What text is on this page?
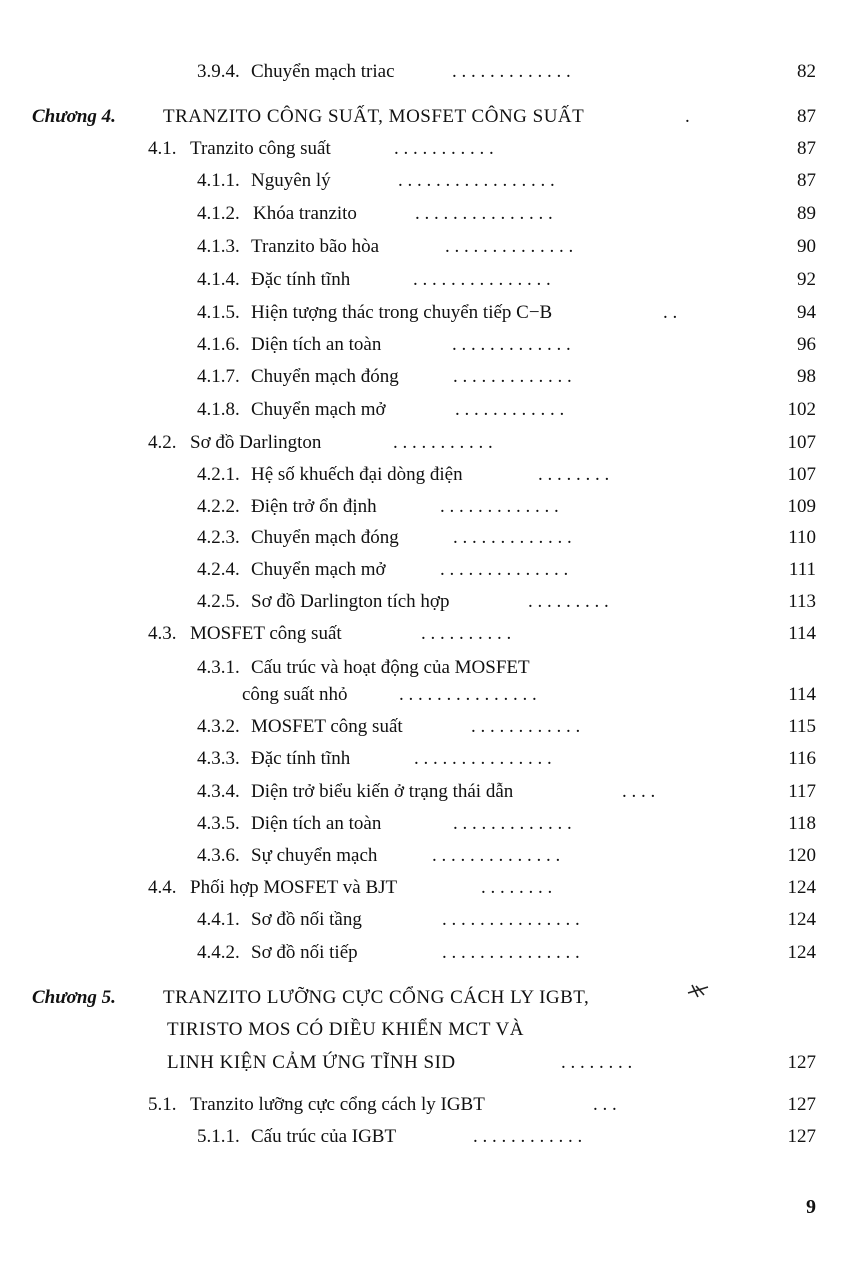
3.9.4. Chuyển mạch triac	. . . . . . . . . . . . .	82
Chương 4. TRANZITO CÔNG SUẤT, MOSFET CÔNG SUẤT	.	87
4.1. Tranzito công suất	. . . . . . . . . . .	87
4.1.1. Nguyên lý	. . . . . . . . . . . . . . . . .	87
4.1.2. Khóa tranzito	. . . . . . . . . . . . . . .	89
4.1.3. Tranzito bão hòa	. . . . . . . . . . . . . .	90
4.1.4. Đặc tính tĩnh	. . . . . . . . . . . . . . .	92
4.1.5. Hiện tượng thác trong chuyển tiếp C−B	. .	94
4.1.6. Diện tích an toàn	. . . . . . . . . . . . .	96
4.1.7. Chuyển mạch đóng	. . . . . . . . . . . . .	98
4.1.8. Chuyển mạch mở	. . . . . . . . . . . .	102
4.2. Sơ đồ Darlington	. . . . . . . . . . .	107
4.2.1. Hệ số khuếch đại dòng điện	. . . . . . . .	107
4.2.2. Điện trở ổn định	. . . . . . . . . . . . .	109
4.2.3. Chuyển mạch đóng	. . . . . . . . . . . . .	110
4.2.4. Chuyển mạch mở	. . . . . . . . . . . . . .	111
4.2.5. Sơ đồ Darlington tích hợp	. . . . . . . . .	113
4.3. MOSFET công suất	. . . . . . . . . .	114
4.3.1. Cấu trúc và hoạt động của MOSFET
công suất nhỏ	. . . . . . . . . . . . . . .	114
4.3.2. MOSFET công suất	. . . . . . . . . . . .	115
4.3.3. Đặc tính tĩnh	. . . . . . . . . . . . . . .	116
4.3.4. Diện trở biểu kiến ở trạng thái dẫn	. . . .	117
4.3.5. Diện tích an toàn	. . . . . . . . . . . . .	118
4.3.6. Sự chuyển mạch	. . . . . . . . . . . . . .	120
4.4. Phối hợp MOSFET và BJT	. . . . . . . .	124
4.4.1. Sơ đồ nối tầng	. . . . . . . . . . . . . . .	124
4.4.2. Sơ đồ nối tiếp	. . . . . . . . . . . . . . .	124
Chương 5. TRANZITO LƯỠNG CỰC CỔNG CÁCH LY IGBT,
TIRISTO MOS CÓ DIỀU KHIỂN MCT VÀ
LINH KIỆN CẢM ỨNG TĨNH SID	. . . . . . . .	127
5.1. Tranzito lưỡng cực cổng cách ly IGBT	. . .	127
5.1.1. Cấu trúc của IGBT	. . . . . . . . . . . .	127
9
